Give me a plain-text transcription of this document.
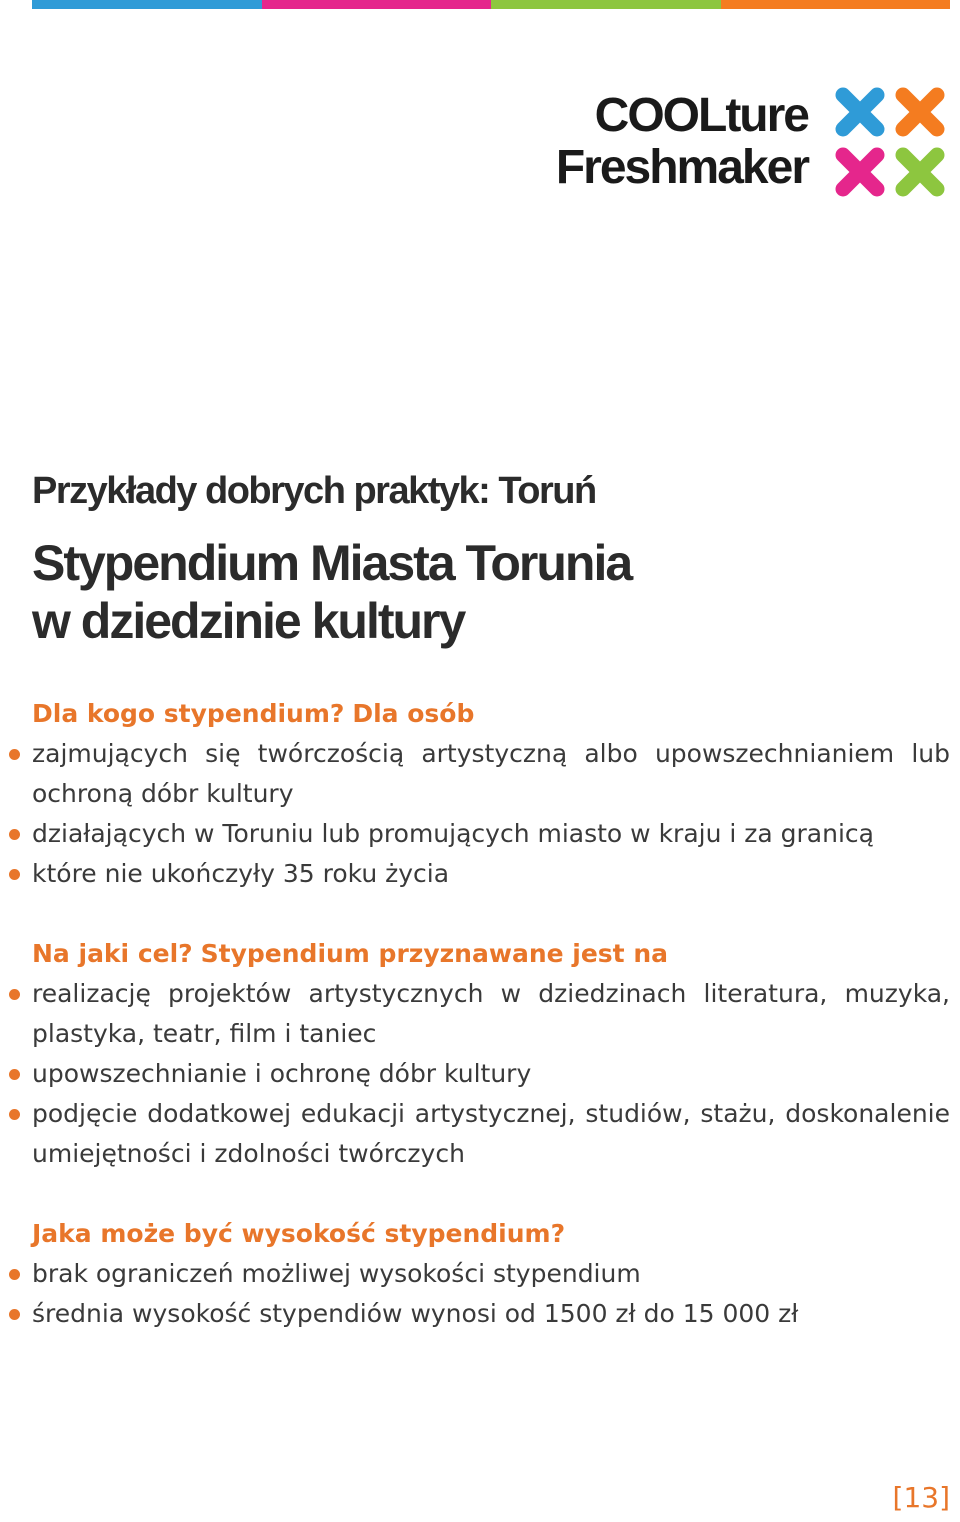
COOLture
Freshmaker
Przykłady dobrych praktyk: Toruń
Stypendium Miasta Torunia
w dziedzinie kultury

Dla kogo stypendium? Dla osób

zajmujących się twórczością artystyczną albo upowszechnianiem lub ochroną dóbr kultury
działających w Toruniu lub promujących miasto w kraju i za granicą
które nie ukończyły 35 roku życia

Na jaki cel? Stypendium przyznawane jest na

realizację projektów artystycznych w dziedzinach literatura, muzyka, plastyka, teatr, film i taniec
upowszechnianie i ochronę dóbr kultury
podjęcie dodatkowej edukacji artystycznej, studiów, stażu, doskonalenie umiejętności i zdolności twórczych

Jaka może być wysokość stypendium?

brak ograniczeń możliwej wysokości stypendium
średnia wysokość stypendiów wynosi od 1500 zł do 15 000 zł
[13]
